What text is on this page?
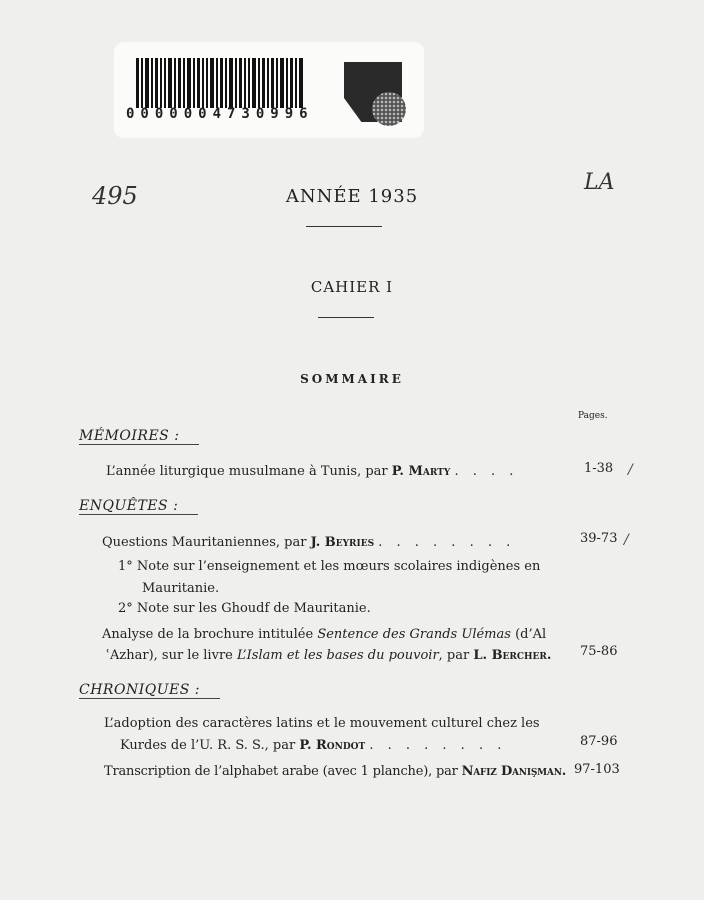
0000004730996
495	LA
ANNÉE 1935
CAHIER I
SOMMAIRE
Pages.
MÉMOIRES :
L’année liturgique musulmane à Tunis, par P. Marty . . . .	1-38 /
ENQUÊTES :
Questions Mauritaniennes, par J. Beyries . . . . . . . .	39-73 /
1° Note sur l’enseignement et les mœurs scolaires indigènes en
Mauritanie.
2° Note sur les Ghoudf de Mauritanie.
Analyse de la brochure intitulée Sentence des Grands Ulémas (d’Al
ʿAzhar), sur le livre L’Islam et les bases du pouvoir, par L. Bercher. 75-86
CHRONIQUES :
L’adoption des caractères latins et le mouvement culturel chez les
Kurdes de l’U. R. S. S., par P. Rondot . . . . . . . .	87-96
Transcription de l’alphabet arabe (avec 1 planche), par Nafiz Danişman. 97-103
